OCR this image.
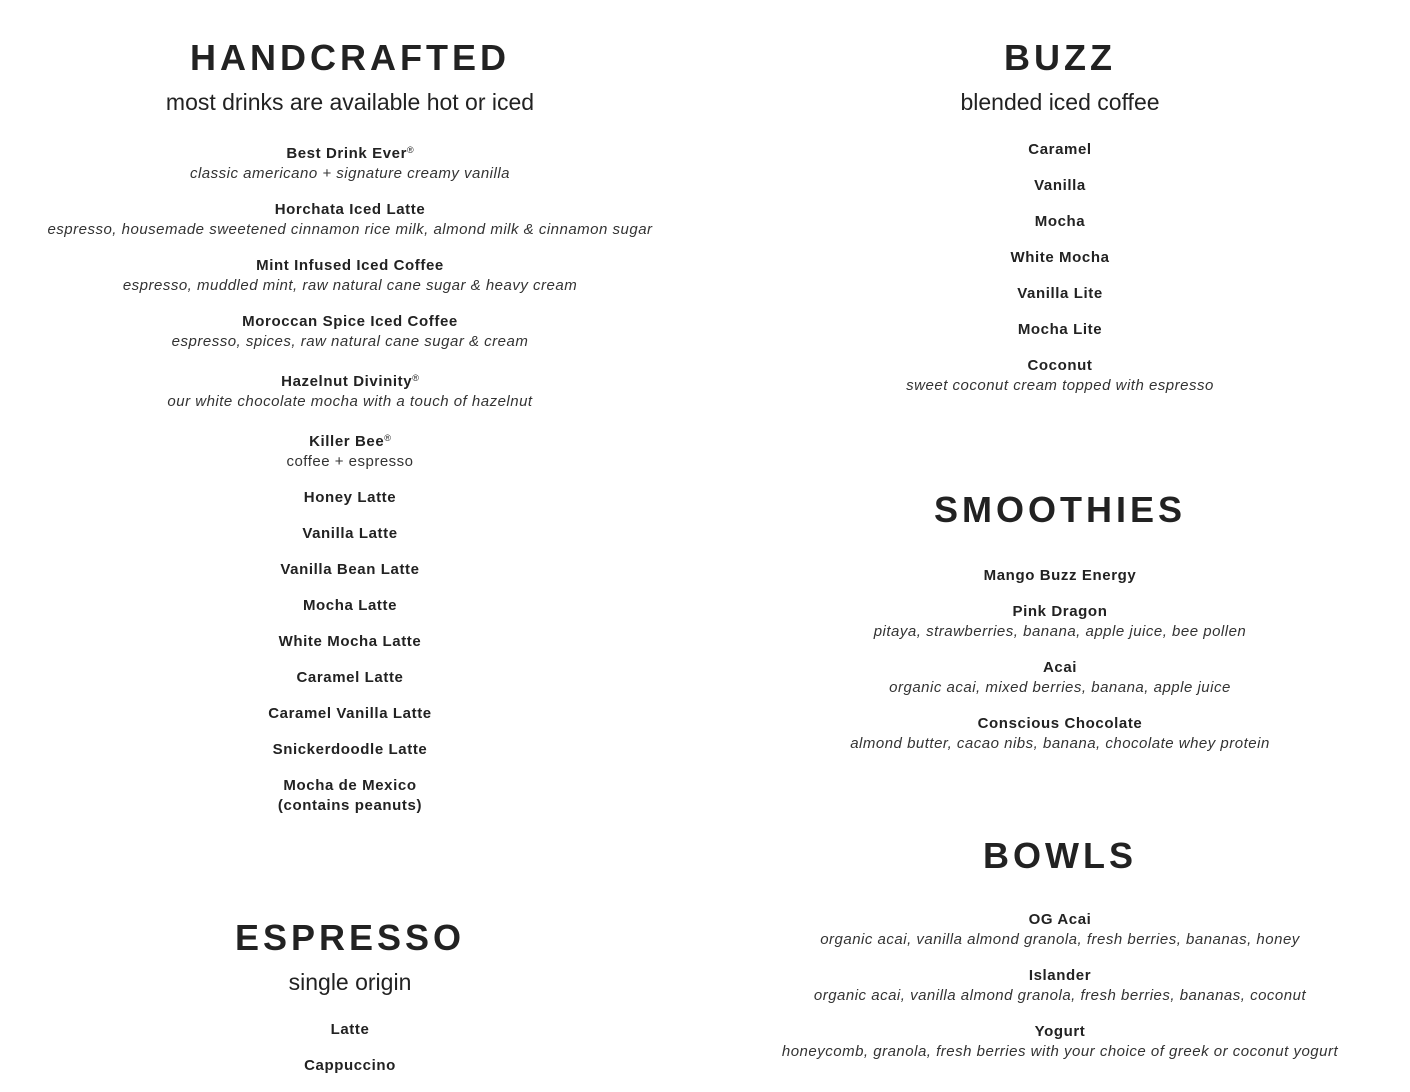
HANDCRAFTED
most drinks are available hot or iced
Best Drink Ever®
classic americano + signature creamy vanilla
Horchata Iced Latte
espresso, housemade sweetened cinnamon rice milk, almond milk & cinnamon sugar
Mint Infused Iced Coffee
espresso, muddled mint, raw natural cane sugar & heavy cream
Moroccan Spice Iced Coffee
espresso, spices, raw natural cane sugar & cream
Hazelnut Divinity®
our white chocolate mocha with a touch of hazelnut
Killer Bee®
coffee + espresso
Honey Latte
Vanilla Latte
Vanilla Bean Latte
Mocha Latte
White Mocha Latte
Caramel Latte
Caramel Vanilla Latte
Snickerdoodle Latte
Mocha de Mexico
(contains peanuts)
ESPRESSO
single origin
Latte
Cappuccino
BUZZ
blended iced coffee
Caramel
Vanilla
Mocha
White Mocha
Vanilla Lite
Mocha Lite
Coconut
sweet coconut cream topped with espresso
SMOOTHIES
Mango Buzz Energy
Pink Dragon
pitaya, strawberries, banana, apple juice, bee pollen
Acai
organic acai, mixed berries, banana, apple juice
Conscious Chocolate
almond butter, cacao nibs, banana, chocolate whey protein
BOWLS
OG Acai
organic acai, vanilla almond granola, fresh berries, bananas, honey
Islander
organic acai, vanilla almond granola, fresh berries, bananas, coconut
Yogurt
honeycomb, granola, fresh berries with your choice of greek or coconut yogurt
